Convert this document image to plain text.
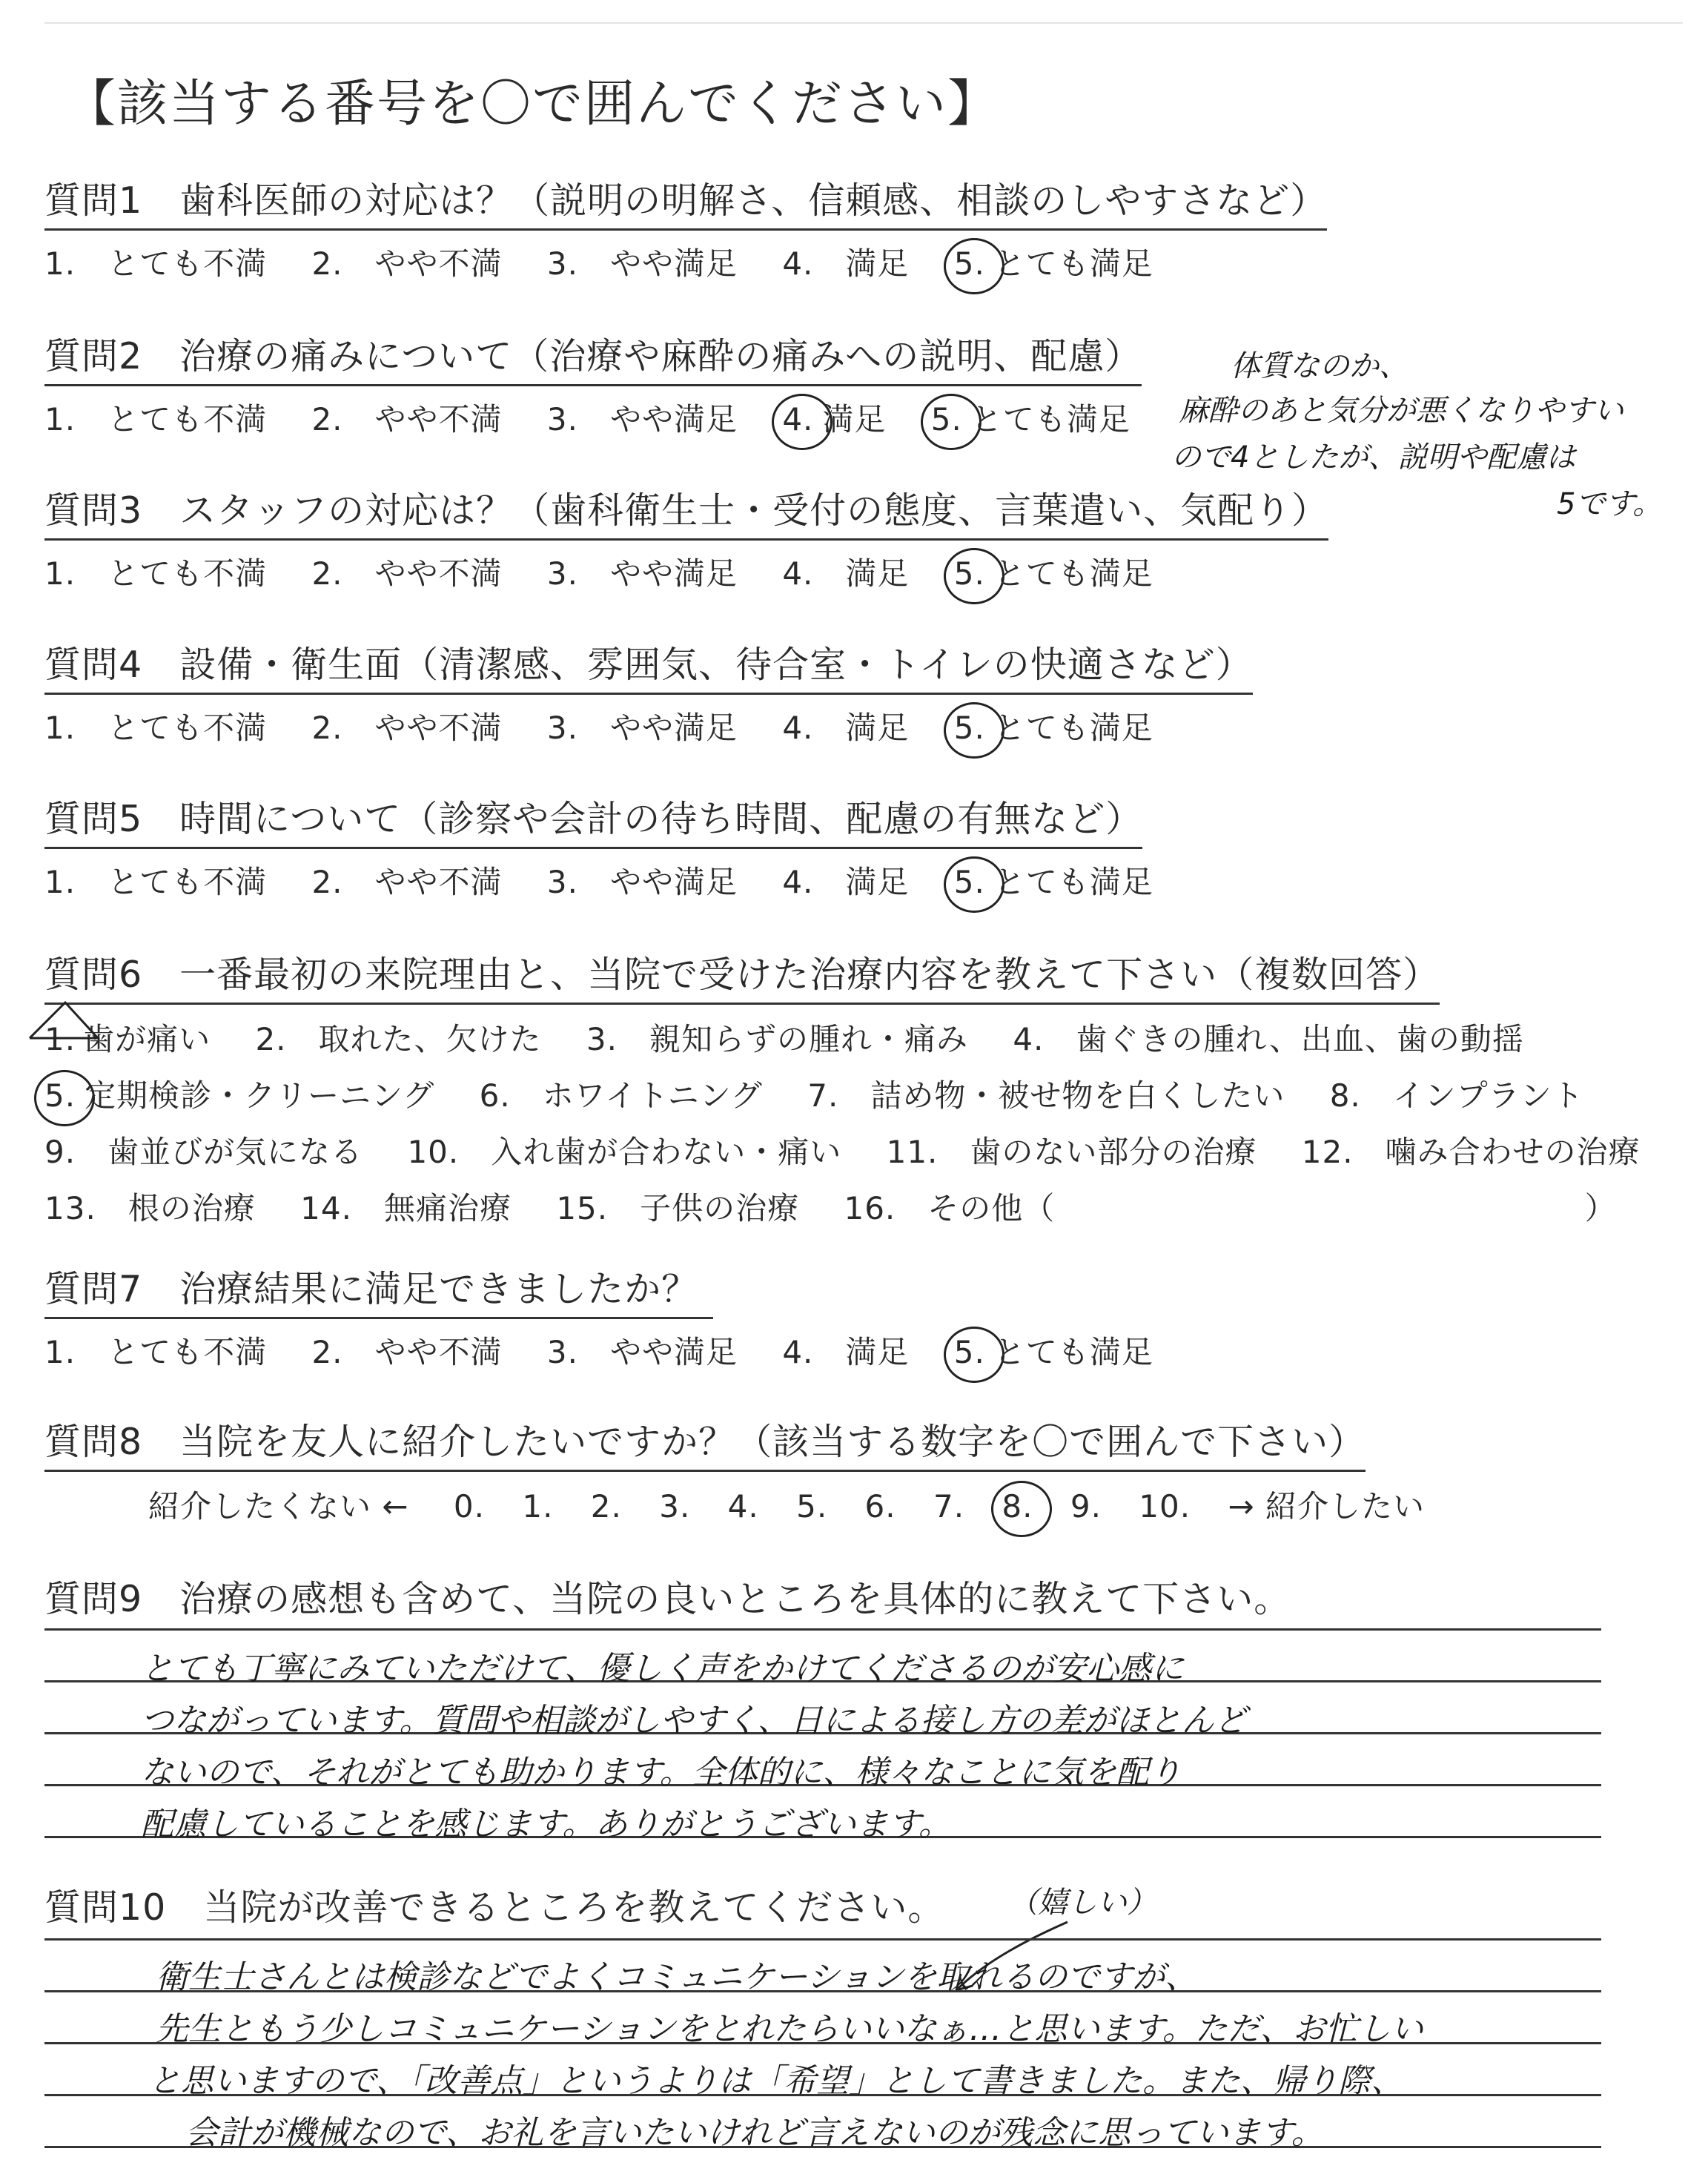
【該当する番号を〇で囲んでください】
質問1　歯科医師の対応は？（説明の明解さ、信頼感、相談のしやすさなど）
1.　とても不満 2.　やや不満 3.　やや満足 4.　満足 5. とても満足
質問2　治療の痛みについて（治療や麻酔の痛みへの説明、配慮）
1.　とても不満 2.　やや不満 3.　やや満足 4. 満足 5. とても満足
体質なのか、
麻酔のあと気分が悪くなりやすい
ので4としたが、説明や配慮は
5です。
質問3　スタッフの対応は？（歯科衛生士・受付の態度、言葉遣い、気配り）
1.　とても不満 2.　やや不満 3.　やや満足 4.　満足 5. とても満足
質問4　設備・衛生面（清潔感、雰囲気、待合室・トイレの快適さなど）
1.　とても不満 2.　やや不満 3.　やや満足 4.　満足 5. とても満足
質問5　時間について（診察や会計の待ち時間、配慮の有無など）
1.　とても不満 2.　やや不満 3.　やや満足 4.　満足 5. とても満足
質問6　一番最初の来院理由と、当院で受けた治療内容を教えて下さい（複数回答）
1. 歯が痛い 2.　取れた、欠けた 3.　親知らずの腫れ・痛み 4.　歯ぐきの腫れ、出血、歯の動揺
5. 定期検診・クリーニング 6.　ホワイトニング 7.　詰め物・被せ物を白くしたい 8.　インプラント
9.　歯並びが気になる 10.　入れ歯が合わない・痛い 11.　歯のない部分の治療 12.　噛み合わせの治療
13.　根の治療 14.　無痛治療 15.　子供の治療 16.　その他（	）
質問7　治療結果に満足できましたか？
1.　とても不満 2.　やや不満 3.　やや満足 4.　満足 5. とても満足
質問8　当院を友人に紹介したいですか？（該当する数字を〇で囲んで下さい）
紹介したくない ← 0. 1. 2. 3. 4. 5. 6. 7. 8. 9. 10. → 紹介したい
質問9　治療の感想も含めて、当院の良いところを具体的に教えて下さい。
とても丁寧にみていただけて、優しく声をかけてくださるのが安心感に
つながっています。質問や相談がしやすく、日による接し方の差がほとんど
ないので、それがとても助かります。全体的に、様々なことに気を配り
配慮していることを感じます。ありがとうございます。
質問10　当院が改善できるところを教えてください。 （嬉しい）
衛生士さんとは検診などでよくコミュニケーションを取れるのですが、
先生ともう少しコミュニケーションをとれたらいいなぁ…と思います。ただ、お忙しい
と思いますので、「改善点」というよりは「希望」として書きました。また、帰り際、
会計が機械なので、お礼を言いたいけれど言えないのが残念に思っています。
